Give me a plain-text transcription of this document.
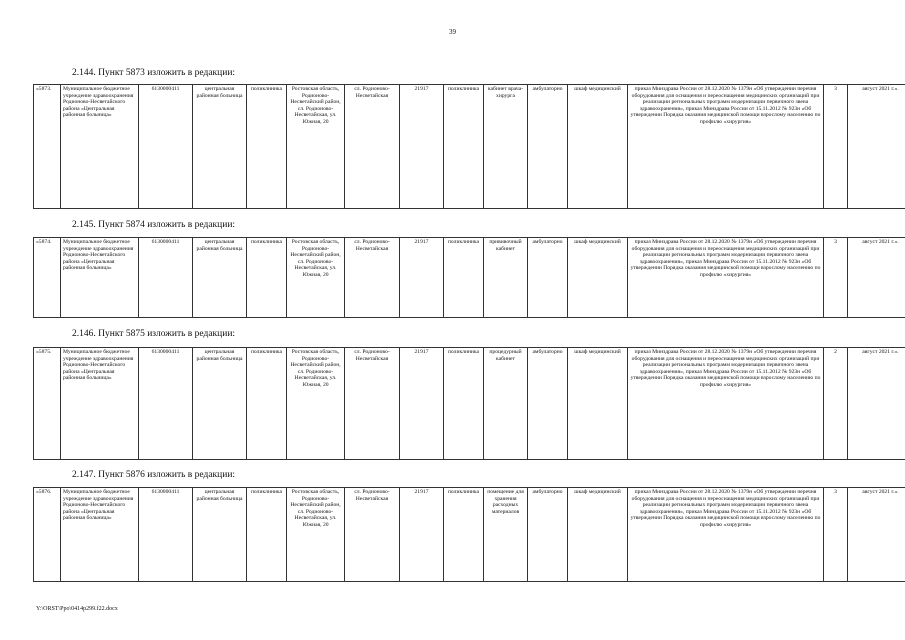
39
2.144. Пункт 5873 изложить в редакции:
«5873.	Муниципальное бюджетное учреждение здравоохранения Родионово-Несветайского района «Центральная районная больница»	6130000411	центральная районная больница	поликлиника	Ростовская область, Родионово-Несветайский район, сл. Родионово-Несветайская, ул. Южная, 20	сл. Родионово-Несветайская	21917	поликлиника	кабинет врача-хирурга	амбулаторно	шкаф медицинский	приказ Минздрава России от 28.12.2020 № 1379н «Об утверждении перечня оборудования для оснащения и переоснащения медицинских организаций при реализации региональных программ модернизации первичного звена здравоохранения», приказ Минздрава России от 15.11.2012 № 923н «Об утверждении Порядка оказания медицинской помощи взрослому населению по профилю «хирургия»	3	август 2021 г.».
2.145. Пункт 5874 изложить в редакции:
«5874.	Муниципальное бюджетное учреждение здравоохранения Родионово-Несветайского района «Центральная районная больница»	6130000411	центральная районная больница	поликлиника	Ростовская область, Родионово-Несветайский район, сл. Родионово-Несветайская, ул. Южная, 20	сл. Родионово-Несветайская	21917	поликлиника	прививочный кабинет	амбулаторно	шкаф медицинский	приказ Минздрава России от 28.12.2020 № 1379н «Об утверждении перечня оборудования для оснащения и переоснащения медицинских организаций при реализации региональных программ модернизации первичного звена здравоохранения», приказ Минздрава России от 15.11.2012 № 923н «Об утверждении Порядка оказания медицинской помощи взрослому населению по профилю «хирургия»	3	август 2021 г.».
2.146. Пункт 5875 изложить в редакции:
«5875.	Муниципальное бюджетное учреждение здравоохранения Родионово-Несветайского района «Центральная районная больница»	6130000411	центральная районная больница	поликлиника	Ростовская область, Родионово-Несветайский район, сл. Родионово-Несветайская, ул. Южная, 20	сл. Родионово-Несветайская	21917	поликлиника	процедурный кабинет	амбулаторно	шкаф медицинский	приказ Минздрава России от 28.12.2020 № 1379н «Об утверждении перечня оборудования для оснащения и переоснащения медицинских организаций при реализации региональных программ модернизации первичного звена здравоохранения», приказ Минздрава России от 15.11.2012 № 923н «Об утверждении Порядка оказания медицинской помощи взрослому населению по профилю «хирургия»	2	август 2021 г.».
2.147. Пункт 5876 изложить в редакции:
«5876.	Муниципальное бюджетное учреждение здравоохранения Родионово-Несветайского района «Центральная районная больница»	6130000411	центральная районная больница	поликлиника	Ростовская область, Родионово-Несветайский район, сл. Родионово-Несветайская, ул. Южная, 20	сл. Родионово-Несветайская	21917	поликлиника	помещение для хранения расходных материалов	амбулаторно	шкаф медицинский	приказ Минздрава России от 28.12.2020 № 1379н «Об утверждении перечня оборудования для оснащения и переоснащения медицинских организаций при реализации региональных программ модернизации первичного звена здравоохранения», приказ Минздрава России от 15.11.2012 № 923н «Об утверждении Порядка оказания медицинской помощи взрослому населению по профилю «хирургия»	3	август 2021 г.».
Y:\ORST\Ppo\0414p299.f22.docx
